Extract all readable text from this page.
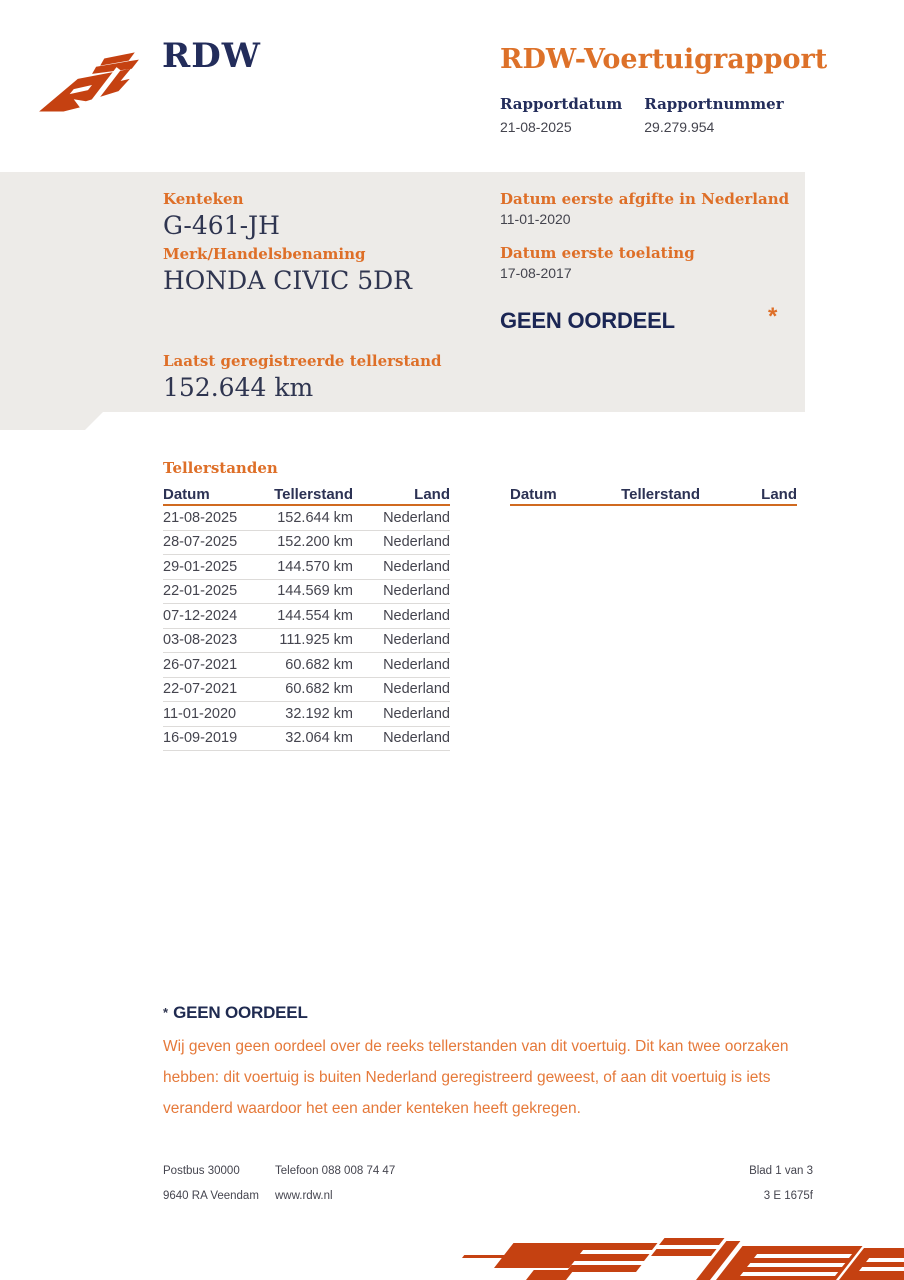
RDW	RDW-Voertuigrapport
Rapportdatum
21-08-2025
Rapportnummer
29.279.954
Kenteken
G-461-JH
Merk/Handelsbenaming
HONDA CIVIC 5DR
Laatst geregistreerde tellerstand
152.644 km
Datum eerste afgifte in Nederland
11-01-2020
Datum eerste toelating
17-08-2017
GEEN OORDEEL	*
Tellerstanden
Datum	Tellerstand	Land
21-08-2025	152.644 km	Nederland
28-07-2025	152.200 km	Nederland
29-01-2025	144.570 km	Nederland
22-01-2025	144.569 km	Nederland
07-12-2024	144.554 km	Nederland
03-08-2023	111.925 km	Nederland
26-07-2021	60.682 km	Nederland
22-07-2021	60.682 km	Nederland
11-01-2020	32.192 km	Nederland
16-09-2019	32.064 km	Nederland
Datum	Tellerstand	Land
* GEEN OORDEEL
Wij geven geen oordeel over de reeks tellerstanden van dit voertuig. Dit kan twee oorzaken hebben: dit voertuig is buiten Nederland geregistreerd geweest, of aan dit voertuig is iets veranderd waardoor het een ander kenteken heeft gekregen.
Postbus 30000	Telefoon 088 008 74 47	Blad 1 van 3
9640 RA Veendam www.rdw.nl	3 E 1675f
